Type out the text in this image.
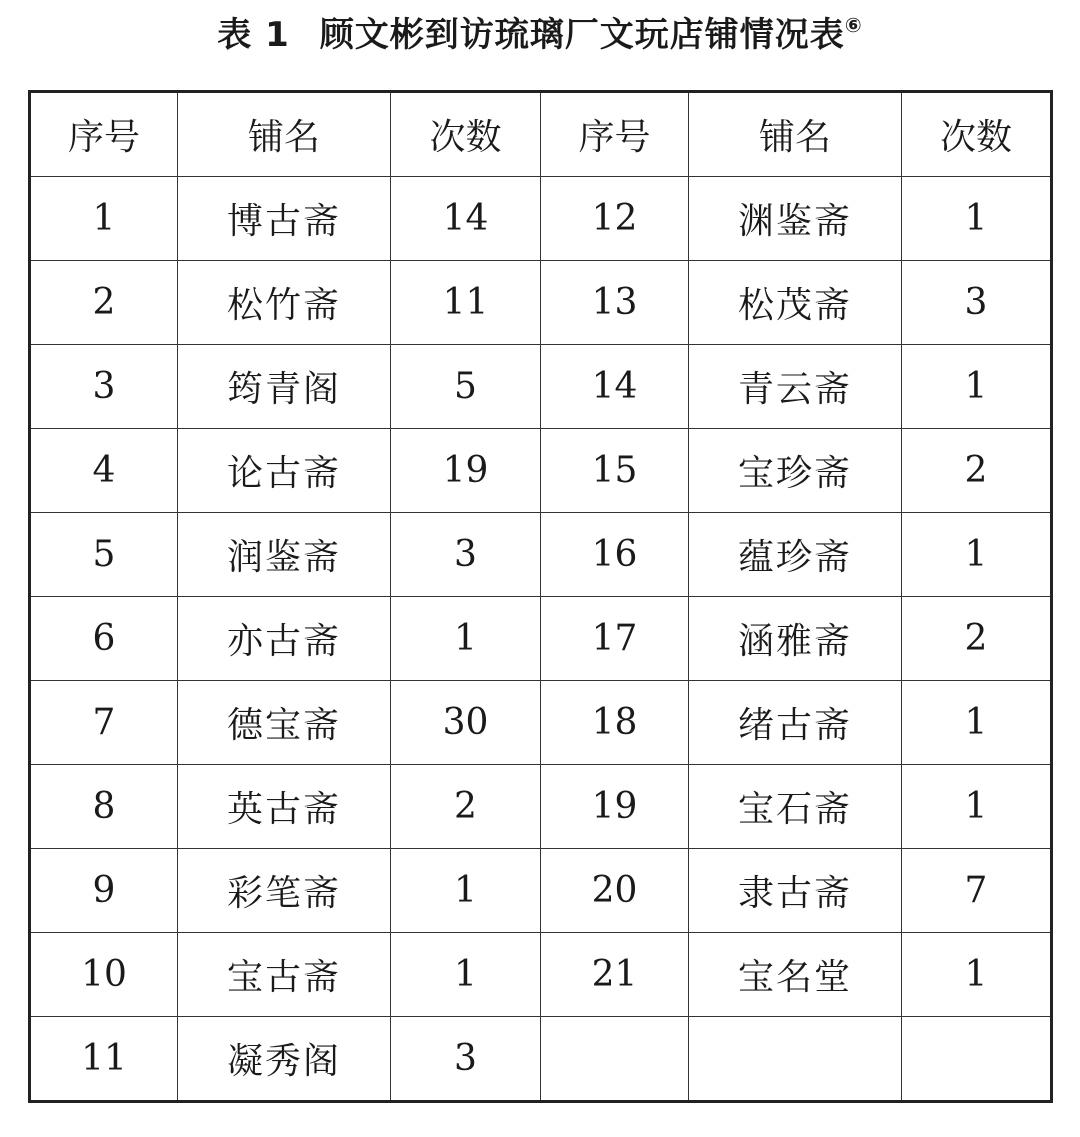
表 1 顾文彬到访琉璃厂文玩店铺情况表⑥
序号	铺名	次数	序号	铺名	次数
1	博古斋	14	12	渊鉴斋	1
2	松竹斋	11	13	松茂斋	3
3	筠青阁	5	14	青云斋	1
4	论古斋	19	15	宝珍斋	2
5	润鉴斋	3	16	蕴珍斋	1
6	亦古斋	1	17	涵雅斋	2
7	德宝斋	30	18	绪古斋	1
8	英古斋	2	19	宝石斋	1
9	彩笔斋	1	20	隶古斋	7
10	宝古斋	1	21	宝名堂	1
11	凝秀阁	3			
